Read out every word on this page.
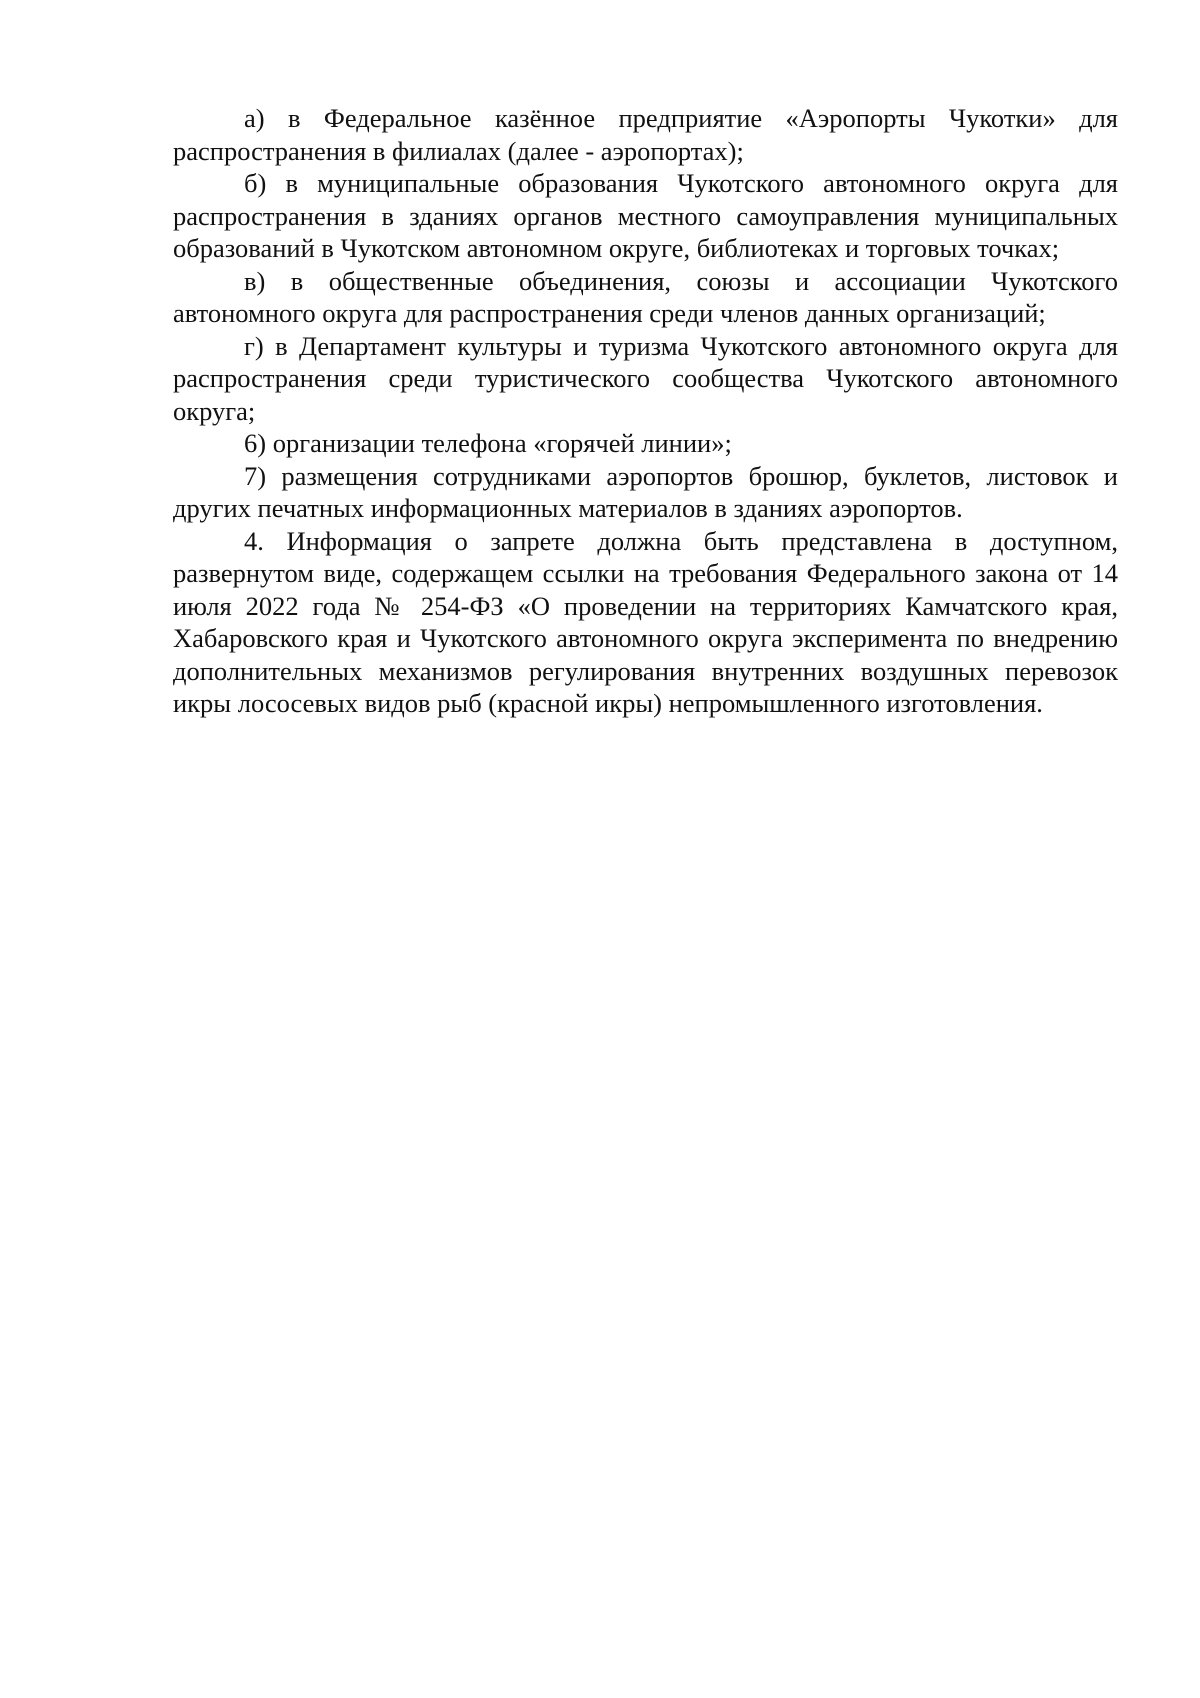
а) в Федеральное казённое предприятие «Аэропорты Чукотки» для распространения в филиалах (далее - аэропортах);

б) в муниципальные образования Чукотского автономного округа для распространения в зданиях органов местного самоуправления муниципальных образований в Чукотском автономном округе, библиотеках и торговых точках;

в) в общественные объединения, союзы и ассоциации Чукотского автономного округа для распространения среди членов данных организаций;

г) в Департамент культуры и туризма Чукотского автономного округа для распространения среди туристического сообщества Чукотского автономного округа;

6) организации телефона «горячей линии»;

7) размещения сотрудниками аэропортов брошюр, буклетов, листовок и других печатных информационных материалов в зданиях аэропортов.

4. Информация о запрете должна быть представлена в доступном, развернутом виде, содержащем ссылки на требования Федерального закона от 14 июля 2022 года № 254-ФЗ «О проведении на территориях Камчатского края, Хабаровского края и Чукотского автономного округа эксперимента по внедрению дополнительных механизмов регулирования внутренних воздушных перевозок икры лососевых видов рыб (красной икры) непромышленного изготовления.
